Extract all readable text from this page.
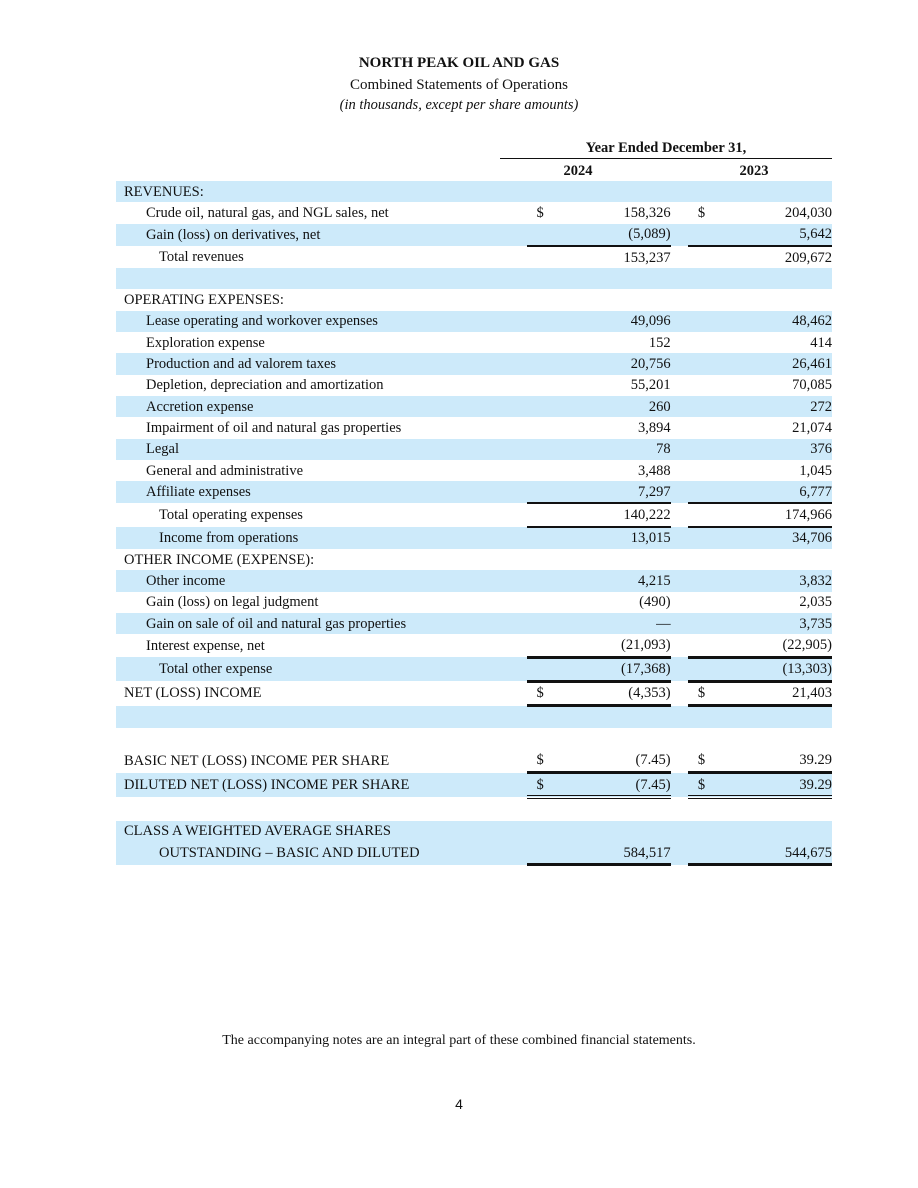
NORTH PEAK OIL AND GAS
Combined Statements of Operations
(in thousands, except per share amounts)
Year Ended December 31,
2024	2023
REVENUES:					
Crude oil, natural gas, and NGL sales, net	$	158,326		$	204,030
Gain (loss) on derivatives, net		(5,089)			5,642
Total revenues		153,237			209,672

OPERATING EXPENSES:					
Lease operating and workover expenses		49,096			48,462
Exploration expense		152			414
Production and ad valorem taxes		20,756			26,461
Depletion, depreciation and amortization		55,201			70,085
Accretion expense		260			272
Impairment of oil and natural gas properties		3,894			21,074
Legal		78			376
General and administrative		3,488			1,045
Affiliate expenses		7,297			6,777
Total operating expenses		140,222			174,966
Income from operations		13,015			34,706
OTHER INCOME (EXPENSE):					
Other income		4,215			3,832
Gain (loss) on legal judgment		(490)			2,035
Gain on sale of oil and natural gas properties		—			3,735
Interest expense, net		(21,093)			(22,905)
Total other expense		(17,368)			(13,303)
NET (LOSS) INCOME	$	(4,353)		$	21,403

BASIC NET (LOSS) INCOME PER SHARE	$	(7.45)		$	39.29
DILUTED NET (LOSS) INCOME PER SHARE	$	(7.45)		$	39.29

CLASS A WEIGHTED AVERAGE SHARES					
OUTSTANDING – BASIC AND DILUTED		584,517			544,675
The accompanying notes are an integral part of these combined financial statements.
4
